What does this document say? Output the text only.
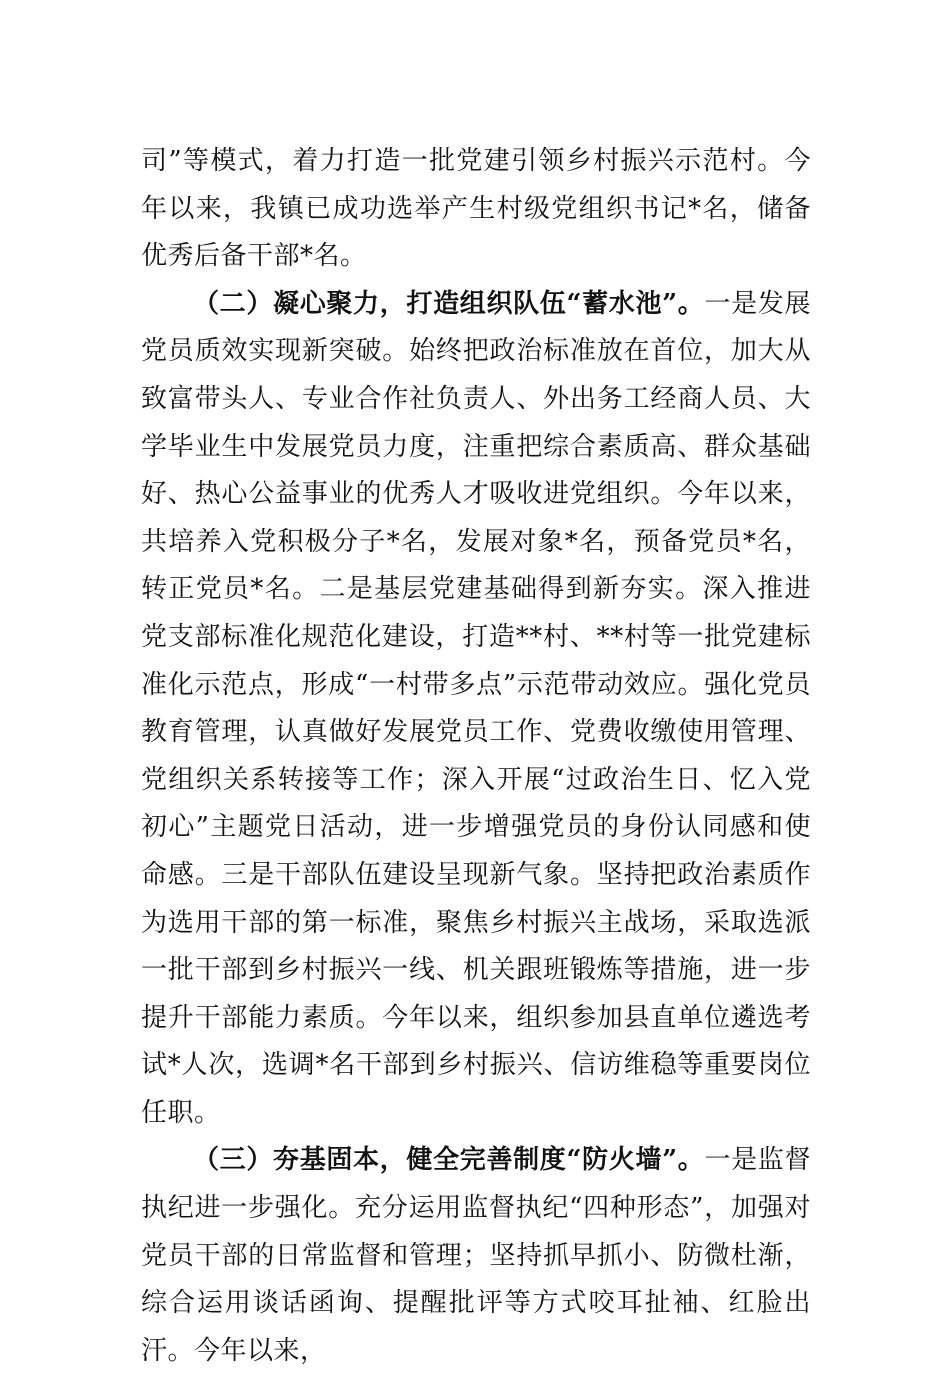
司”等模式，着力打造一批党建引领乡村振兴示范村。今年以来，我镇已成功选举产生村级党组织书记*名，储备优秀后备干部*名。

（二）凝心聚力，打造组织队伍“蓄水池”。一是发展党员质效实现新突破。始终把政治标准放在首位，加大从致富带头人、专业合作社负责人、外出务工经商人员、大学毕业生中发展党员力度，注重把综合素质高、群众基础好、热心公益事业的优秀人才吸收进党组织。今年以来，共培养入党积极分子*名，发展对象*名，预备党员*名，转正党员*名。二是基层党建基础得到新夯实。深入推进党支部标准化规范化建设，打造**村、**村等一批党建标准化示范点，形成“一村带多点”示范带动效应。强化党员教育管理，认真做好发展党员工作、党费收缴使用管理、党组织关系转接等工作；深入开展“过政治生日、忆入党初心”主题党日活动，进一步增强党员的身份认同感和使命感。三是干部队伍建设呈现新气象。坚持把政治素质作为选用干部的第一标准，聚焦乡村振兴主战场，采取选派一批干部到乡村振兴一线、机关跟班锻炼等措施，进一步提升干部能力素质。今年以来，组织参加县直单位遴选考试*人次，选调*名干部到乡村振兴、信访维稳等重要岗位任职。

（三）夯基固本，健全完善制度“防火墙”。一是监督执纪进一步强化。充分运用监督执纪“四种形态”，加强对党员干部的日常监督和管理；坚持抓早抓小、防微杜渐，综合运用谈话函询、提醒批评等方式咬耳扯袖、红脸出汗。今年以来，
